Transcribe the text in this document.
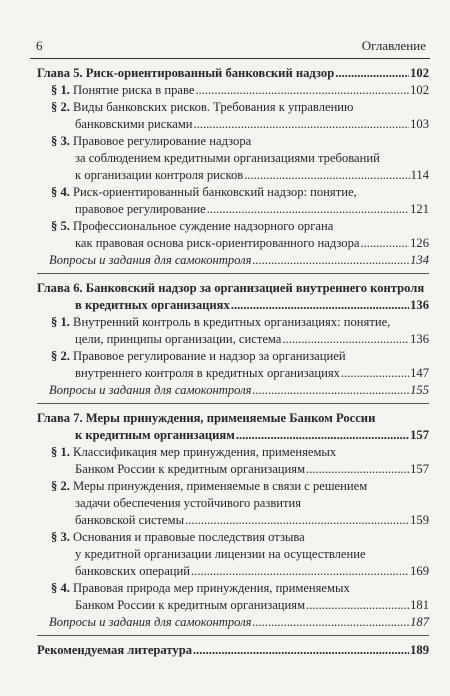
6	Оглавление
Глава 5. Риск-ориентированный банковский надзор .....	102
§ 1. Понятие риска в праве .....	102
§ 2. Виды банковских рисков. Требования к управлению
банковскими рисками .....	103
§ 3. Правовое регулирование надзора
за соблюдением кредитными организациями требований
к организации контроля рисков .....	114
§ 4. Риск-ориентированный банковский надзор: понятие,
правовое регулирование .....	121
§ 5. Профессиональное суждение надзорного органа
как правовая основа риск-ориентированного надзора .....	126
Вопросы и задания для самоконтроля .....	134
Глава 6. Банковский надзор за организацией внутреннего контроля
в кредитных организациях .....	136
§ 1. Внутренний контроль в кредитных организациях: понятие,
цели, принципы организации, система .....	136
§ 2. Правовое регулирование и надзор за организацией
внутреннего контроля в кредитных организациях .....	147
Вопросы и задания для самоконтроля .....	155
Глава 7. Меры принуждения, применяемые Банком России
к кредитным организациям .....	157
§ 1. Классификация мер принуждения, применяемых
Банком России к кредитным организациям .....	157
§ 2. Меры принуждения, применяемые в связи с решением
задачи обеспечения устойчивого развития
банковской системы .....	159
§ 3. Основания и правовые последствия отзыва
у кредитной организации лицензии на осуществление
банковских операций .....	169
§ 4. Правовая природа мер принуждения, применяемых
Банком России к кредитным организациям .....	181
Вопросы и задания для самоконтроля .....	187
Рекомендуемая литература .....	189
